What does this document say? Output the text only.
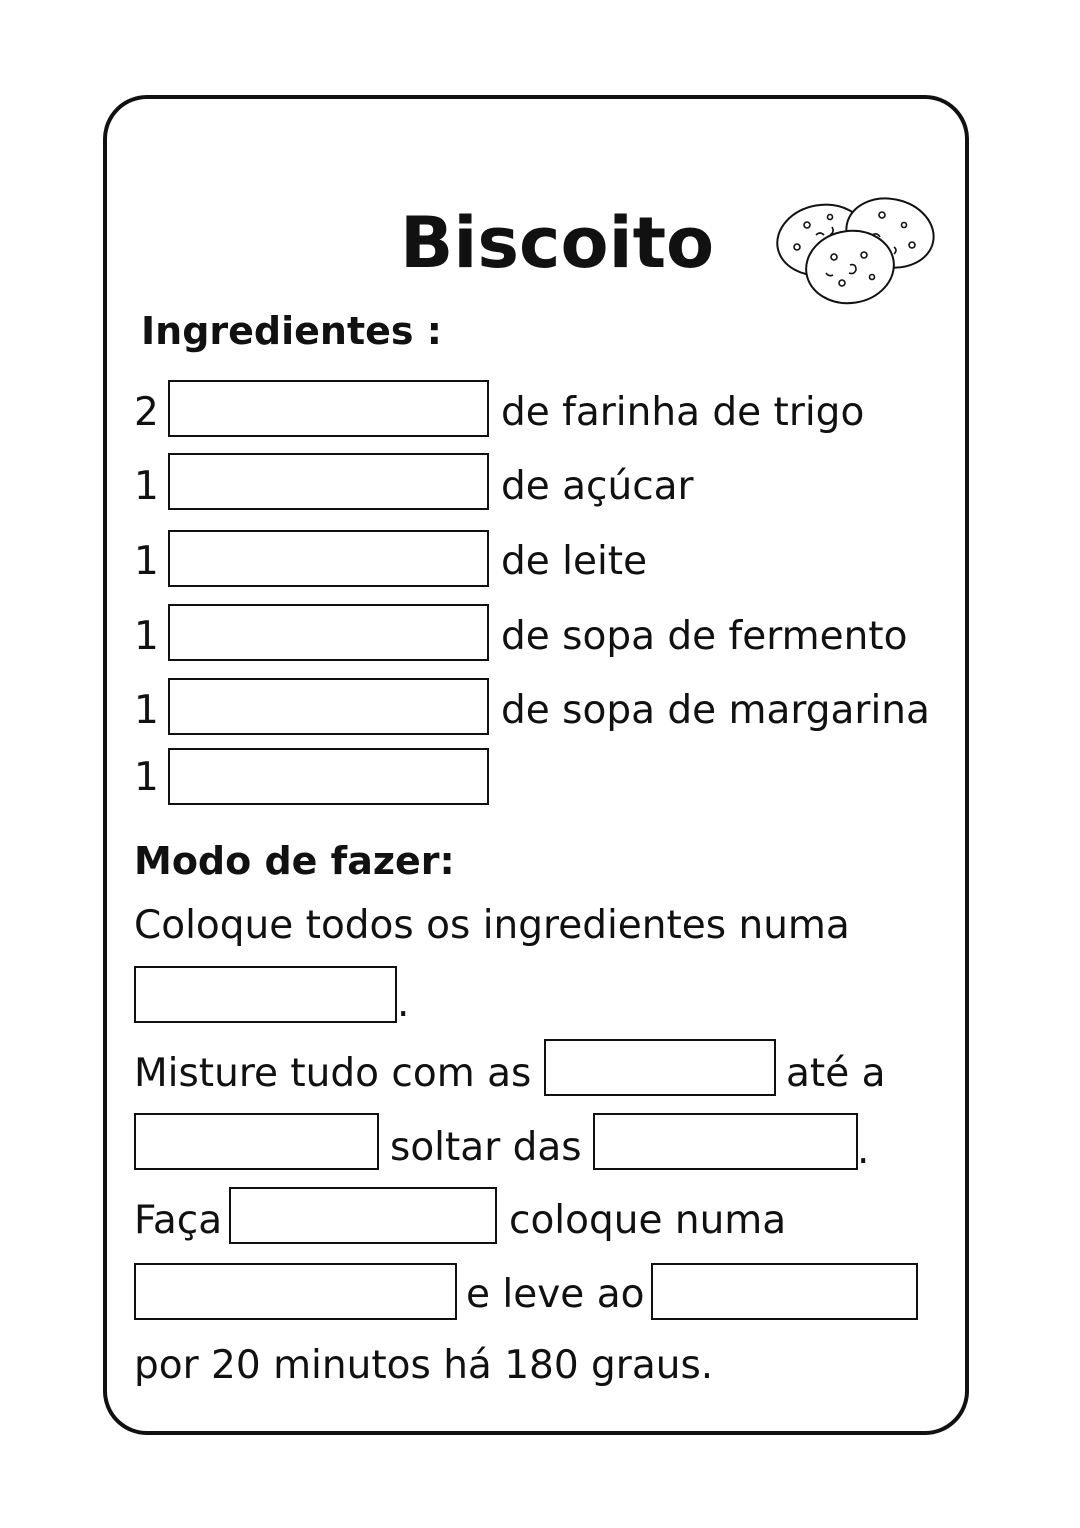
Biscoito
Ingredientes :
2	de farinha de trigo
1	de açúcar
1	de leite
1	de sopa de fermento
1	de sopa de margarina
1
Modo de fazer:
Coloque todos os ingredientes numa
.
Misture tudo com as	até a
soltar das	.
Faça	coloque numa
e leve ao
por 20 minutos há 180 graus.
